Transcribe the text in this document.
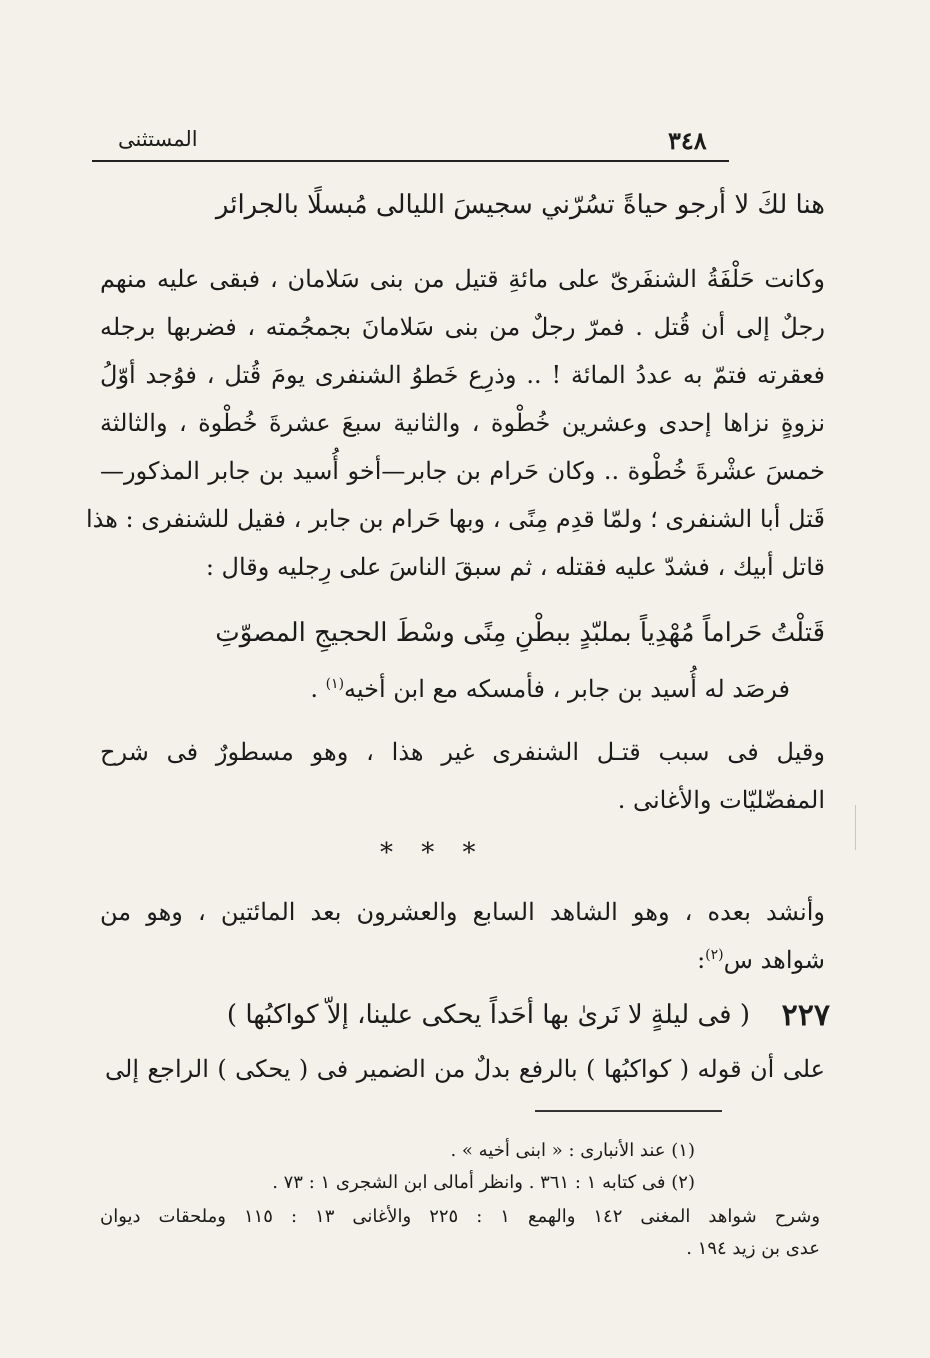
٣٤٨
المستثنى
هنا لكَ لا أرجو حياةً تسُرّني سجيسَ الليالى مُبسلًا بالجرائر
وكانت حَلْفَةُ الشنفَرىّ على مائةِ قتيل من بنى سَلامان ، فبقى عليه منهم
رجلٌ إلى أن قُتل . فمرّ رجلٌ من بنى سَلامانَ بجمجُمته ، فضربها برجله
فعقرته فتمّ به عددُ المائة ! .. وذرِع خَطوُ الشنفرى يومَ قُتل ، فوُجد أوّلُ
نزوةٍ نزاها إحدى وعشرين خُطْوة ، والثانية سبعَ عشرةَ خُطْوة ، والثالثة
خمسَ عشْرةَ خُطْوة .. وكان حَرام بن جابر—أخو أُسيد بن جابر المذكور—
قَتل أبا الشنفرى ؛ ولمّا قدِم مِنًى ، وبها حَرام بن جابر ، فقيل للشنفرى : هذا
قاتل أبيك ، فشدّ عليه فقتله ، ثم سبقَ الناسَ على رِجليه وقال :
قَتلْتُ حَراماً مُهْدِياً بملبّدٍ ببطْنِ مِنًى وسْطَ الحجيجِ المصوّتِ
فرصَد له أُسيد بن جابر ، فأمسكه مع ابن أخيه$^{(١)}$ .
وقيل فى سبب قتـل الشنفرى غير هذا ، وهو مسطورٌ فى شرح
المفضّليّات والأغانى .
* * *
وأنشد بعده ، وهو الشاهد السابع والعشرون بعد المائتين ، وهو من
شواهد س$^{(٢)}$:
٢٢٧
( فى ليلةٍ لا نَرىٰ بها أحَداً يحكى علينا، إلاّ كواكبُها )
على أن قوله ( كواكبُها ) بالرفع بدلٌ من الضمير فى ( يحكى ) الراجع إلى
(١) عند الأنبارى : « ابنى أخيه » .
(٢) فى كتابه ١ : ٣٦١ . وانظر أمالى ابن الشجرى ١ : ٧٣ .
وشرح شواهد المغنى ١٤٢ والهمع ١ : ٢٢٥ والأغانى ١٣ : ١١٥ وملحقات ديوان
عدى بن زيد ١٩٤ .
